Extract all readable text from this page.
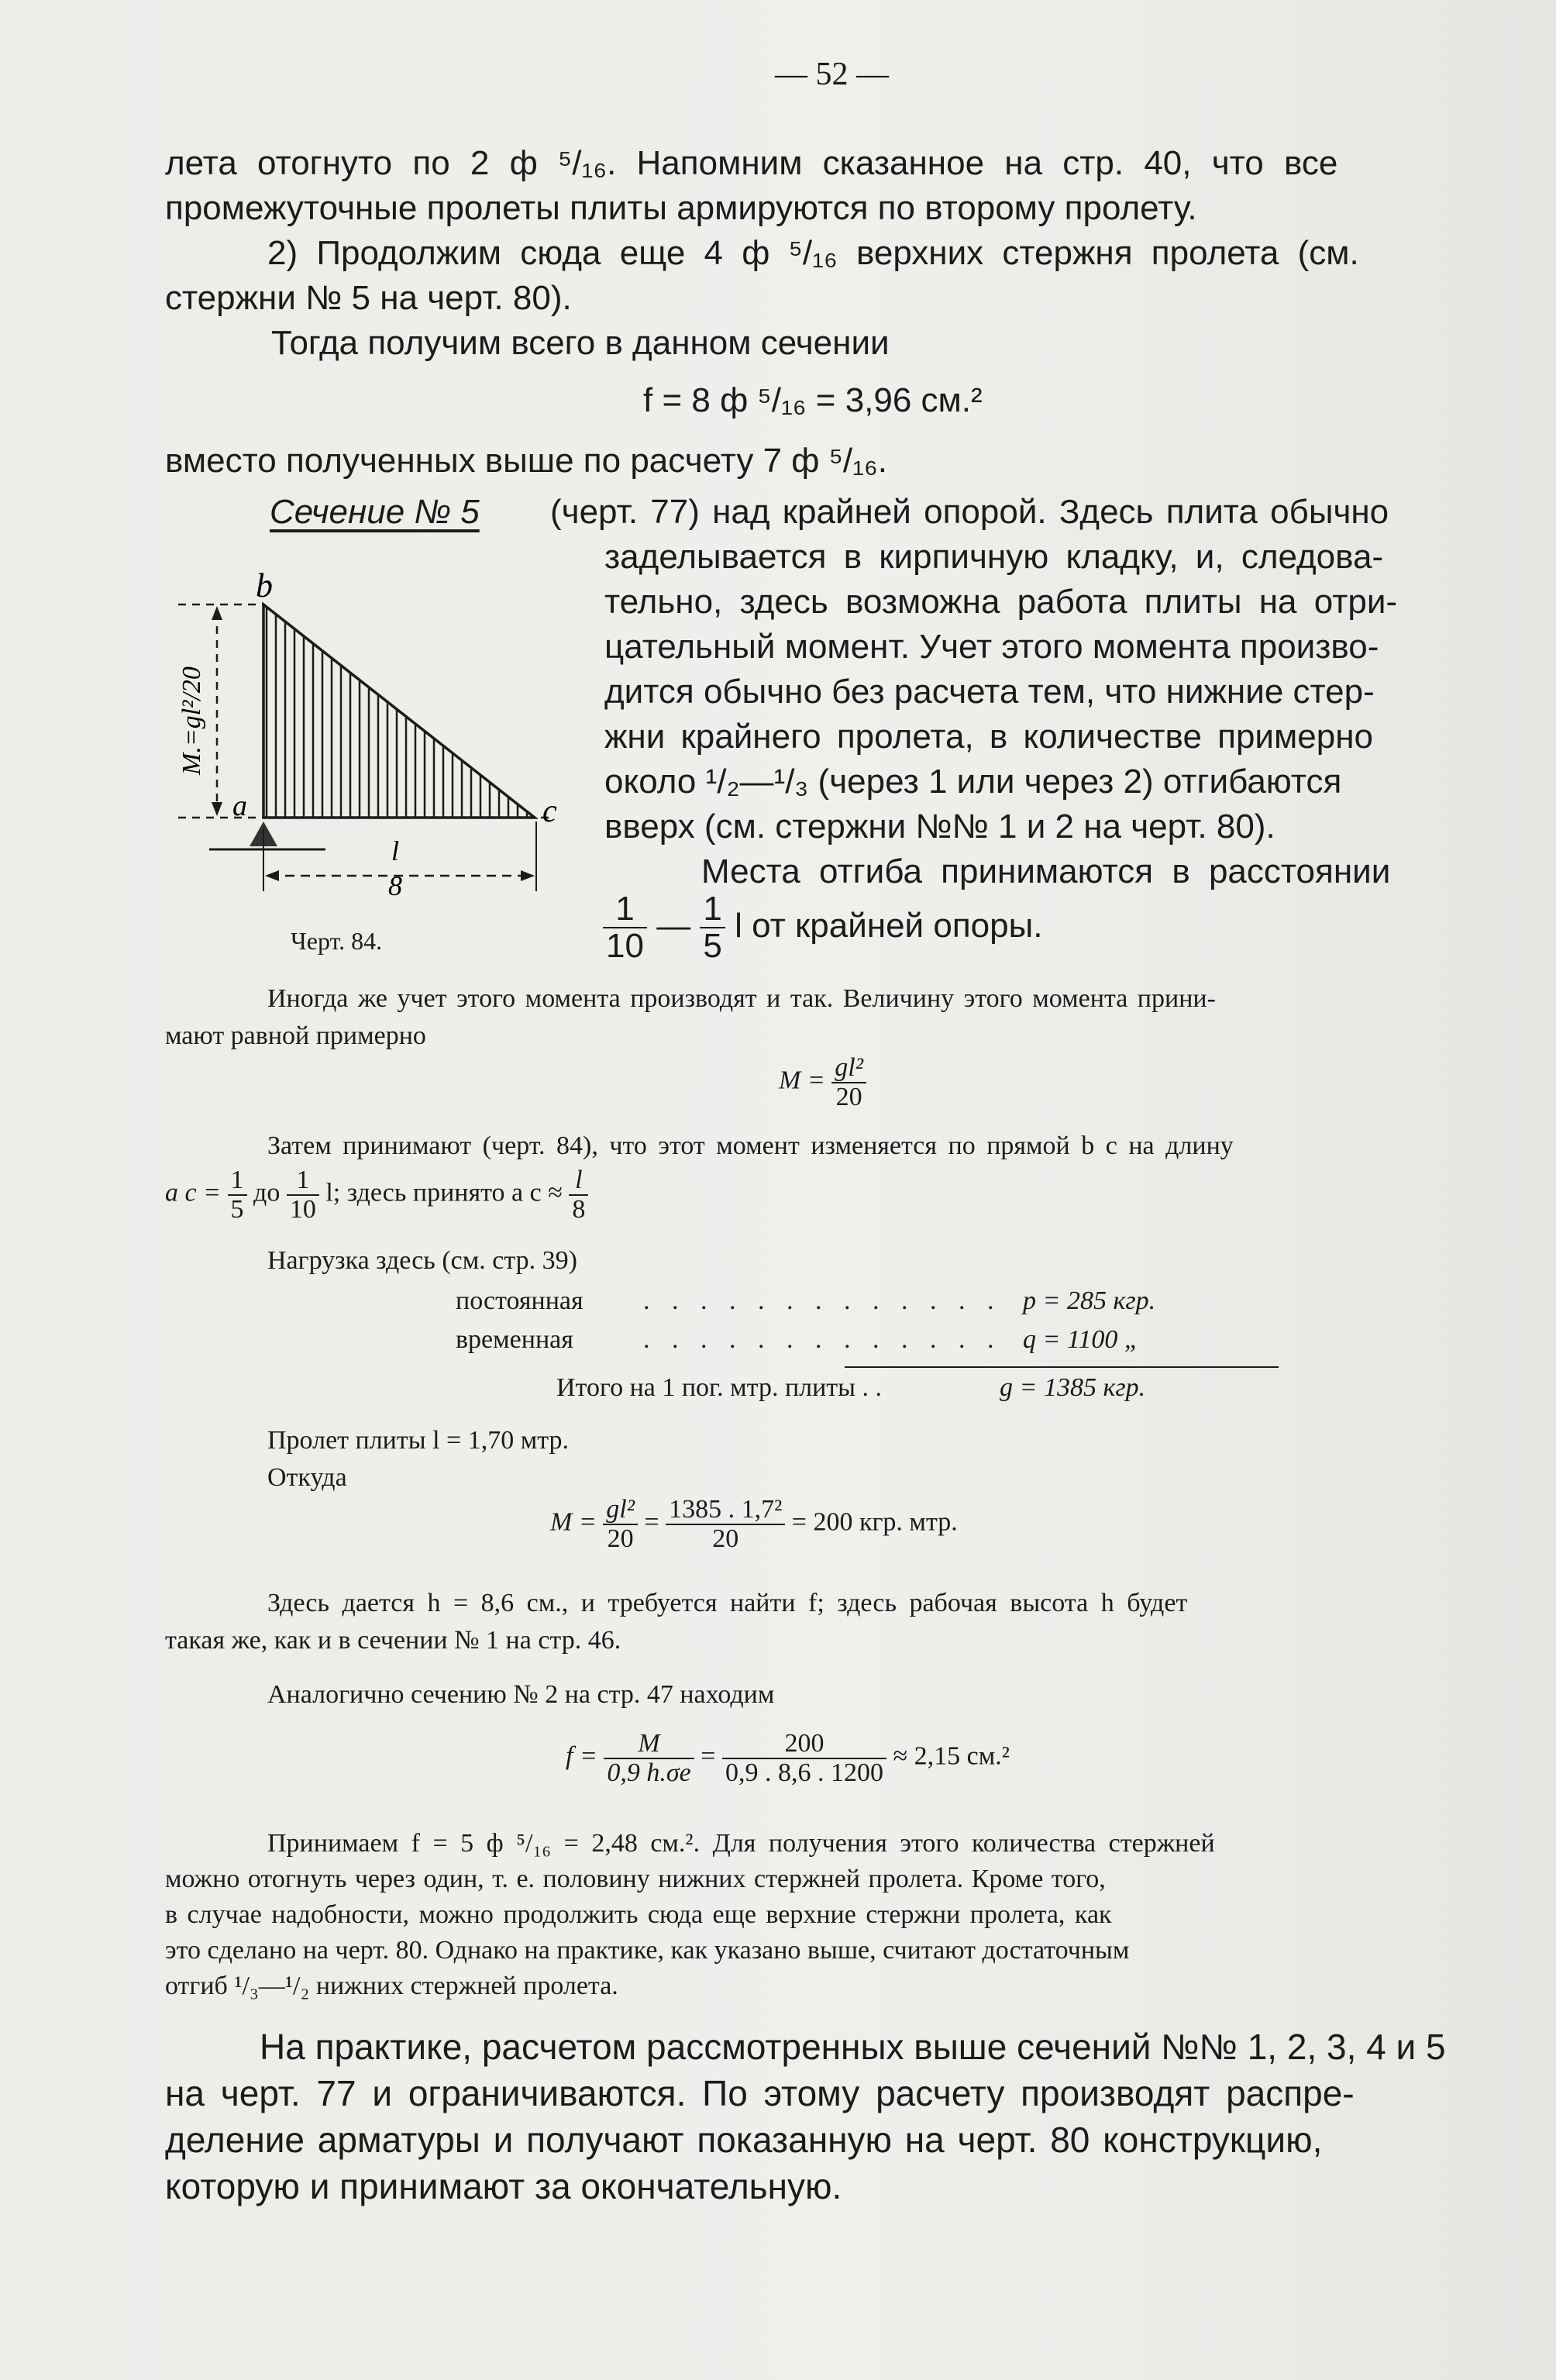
— 52 —
лета отогнуто по 2 ф ⁵/₁₆. Напомним сказанное на стр. 40, что все
промежуточные пролеты плиты армируются по второму пролету.
2) Продолжим сюда еще 4 ф ⁵/₁₆ верхних стержня пролета (см.
стержни № 5 на черт. 80).
Тогда получим всего в данном сечении
f = 8 ф ⁵/₁₆ = 3,96 см.²
вместо полученных выше по расчету 7 ф ⁵/₁₆.
Сечение № 5 (черт. 77) над крайней опорой. Здесь плита обычно
заделывается в кирпичную кладку, и, следова-
тельно, здесь возможна работа плиты на отри-
цательный момент. Учет этого момента произво-
дится обычно без расчета тем, что нижние стер-
жни крайнего пролета, в количестве примерно
около ¹/₂—¹/₃ (через 1 или через 2) отгибаются
вверх (см. стержни №№ 1 и 2 на черт. 80).
Места отгиба принимаются в расстоянии
$\frac{1}{10}$ — $\frac{1}{5}$ l от крайней опоры.
b
a	c
M.=gl²/20
l
8
Черт. 84.
Иногда же учет этого момента производят и так. Величину этого момента прини-
мают равной примерно
$M = \frac{\text{gl²}}{20}$
Затем принимают (черт. 84), что этот момент изменяется по прямой b c на длину
a $c = \frac{1}{5}$ до $\frac{1}{10} l$; здесь принято a $c \approx \frac{l}{8}$
Нагрузка здесь (см. стр. 39)
постоянная . . . . . . . . . . . . . p = 285 кгр.
временная	. . . . . . . . . . . . . q = 1100 „
Итого на 1 пог. мтр. плиты . .	g = 1385 кгр.
Пролет плиты l = 1,70 мтр.
Откуда
$M = \frac{\text{gl²}}{20} = \frac{\text{1385 . 1,7²}}{20} = 200$ кгр. мтр.
Здесь дается h = 8,6 см., и требуется найти f; здесь рабочая высота h будет
такая же, как и в сечении № 1 на стр. 46.
Аналогично сечению № 2 на стр. 47 находим
$f = \frac{M}{0,9 h.\sigma e} = \frac{200}{0,9 . 8,6 . 1200} \approx 2,15$ см.²
Принимаем f = 5 ф ⁵/₁₆ = 2,48 см.². Для получения этого количества стержней
можно отогнуть через один, т. е. половину нижних стержней пролета. Кроме того,
в случае надобности, можно продолжить сюда еще верхние стержни пролета, как
это сделано на черт. 80. Однако на практике, как указано выше, считают достаточным
отгиб ¹/₃—¹/₂ нижних стержней пролета.
На практике, расчетом рассмотренных выше сечений №№ 1, 2, 3, 4 и 5
на черт. 77 и ограничиваются. По этому расчету производят распре-
деление арматуры и получают показанную на черт. 80 конструкцию,
которую и принимают за окончательную.
